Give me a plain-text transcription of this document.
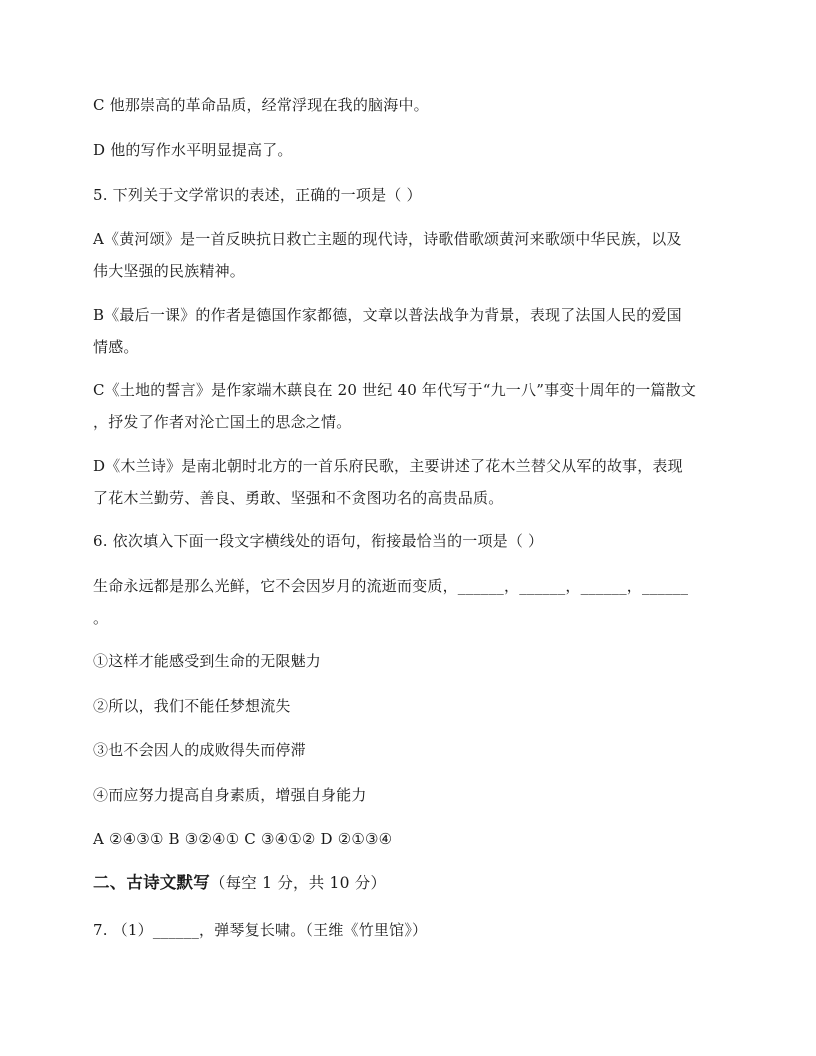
C 他那崇高的革命品质，经常浮现在我的脑海中。
D 他的写作水平明显提高了。
5. 下列关于文学常识的表述，正确的一项是（ ）
A《黄河颂》是一首反映抗日救亡主题的现代诗，诗歌借歌颂黄河来歌颂中华民族，以及
伟大坚强的民族精神。
B《最后一课》的作者是德国作家都德，文章以普法战争为背景，表现了法国人民的爱国
情感。
C《土地的誓言》是作家端木蕻良在 20 世纪 40 年代写于“九一八”事变十周年的一篇散文
，抒发了作者对沦亡国土的思念之情。
D《木兰诗》是南北朝时北方的一首乐府民歌，主要讲述了花木兰替父从军的故事，表现
了花木兰勤劳、善良、勇敢、坚强和不贪图功名的高贵品质。
6. 依次填入下面一段文字横线处的语句，衔接最恰当的一项是（ ）
生命永远都是那么光鲜，它不会因岁月的流逝而变质，______，______，______，______
。
①这样才能感受到生命的无限魅力
②所以，我们不能任梦想流失
③也不会因人的成败得失而停滞
④而应努力提高自身素质，增强自身能力
A ②④③① B ③②④① C ③④①② D ②①③④
二、古诗文默写（每空 1 分，共 10 分）
7. （1）______，弹琴复长啸。（王维《竹里馆》）
